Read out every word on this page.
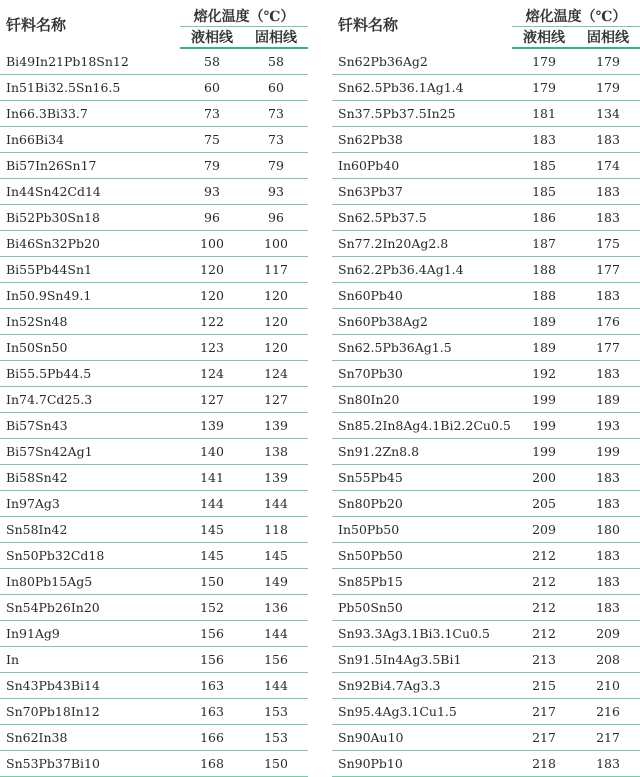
钎料名称	熔化温度（℃）	
	液相线	固相线
Bi49In21Pb18Sn12	58	58
In51Bi32.5Sn16.5	60	60
In66.3Bi33.7	73	73
In66Bi34	75	73
Bi57In26Sn17	79	79
In44Sn42Cd14	93	93
Bi52Pb30Sn18	96	96
Bi46Sn32Pb20	100	100
Bi55Pb44Sn1	120	117
In50.9Sn49.1	120	120
In52Sn48	122	120
In50Sn50	123	120
Bi55.5Pb44.5	124	124
In74.7Cd25.3	127	127
Bi57Sn43	139	139
Bi57Sn42Ag1	140	138
Bi58Sn42	141	139
In97Ag3	144	144
Sn58In42	145	118
Sn50Pb32Cd18	145	145
In80Pb15Ag5	150	149
Sn54Pb26In20	152	136
In91Ag9	156	144
In	156	156
Sn43Pb43Bi14	163	144
Sn70Pb18In12	163	153
Sn62In38	166	153
Sn53Pb37Bi10	168	150
钎料名称	熔化温度（℃）	
	液相线	固相线
Sn62Pb36Ag2	179	179
Sn62.5Pb36.1Ag1.4	179	179
Sn37.5Pb37.5In25	181	134
Sn62Pb38	183	183
In60Pb40	185	174
Sn63Pb37	185	183
Sn62.5Pb37.5	186	183
Sn77.2In20Ag2.8	187	175
Sn62.2Pb36.4Ag1.4	188	177
Sn60Pb40	188	183
Sn60Pb38Ag2	189	176
Sn62.5Pb36Ag1.5	189	177
Sn70Pb30	192	183
Sn80In20	199	189
Sn85.2In8Ag4.1Bi2.2Cu0.5	199	193
Sn91.2Zn8.8	199	199
Sn55Pb45	200	183
Sn80Pb20	205	183
In50Pb50	209	180
Sn50Pb50	212	183
Sn85Pb15	212	183
Pb50Sn50	212	183
Sn93.3Ag3.1Bi3.1Cu0.5	212	209
Sn91.5In4Ag3.5Bi1	213	208
Sn92Bi4.7Ag3.3	215	210
Sn95.4Ag3.1Cu1.5	217	216
Sn90Au10	217	217
Sn90Pb10	218	183
